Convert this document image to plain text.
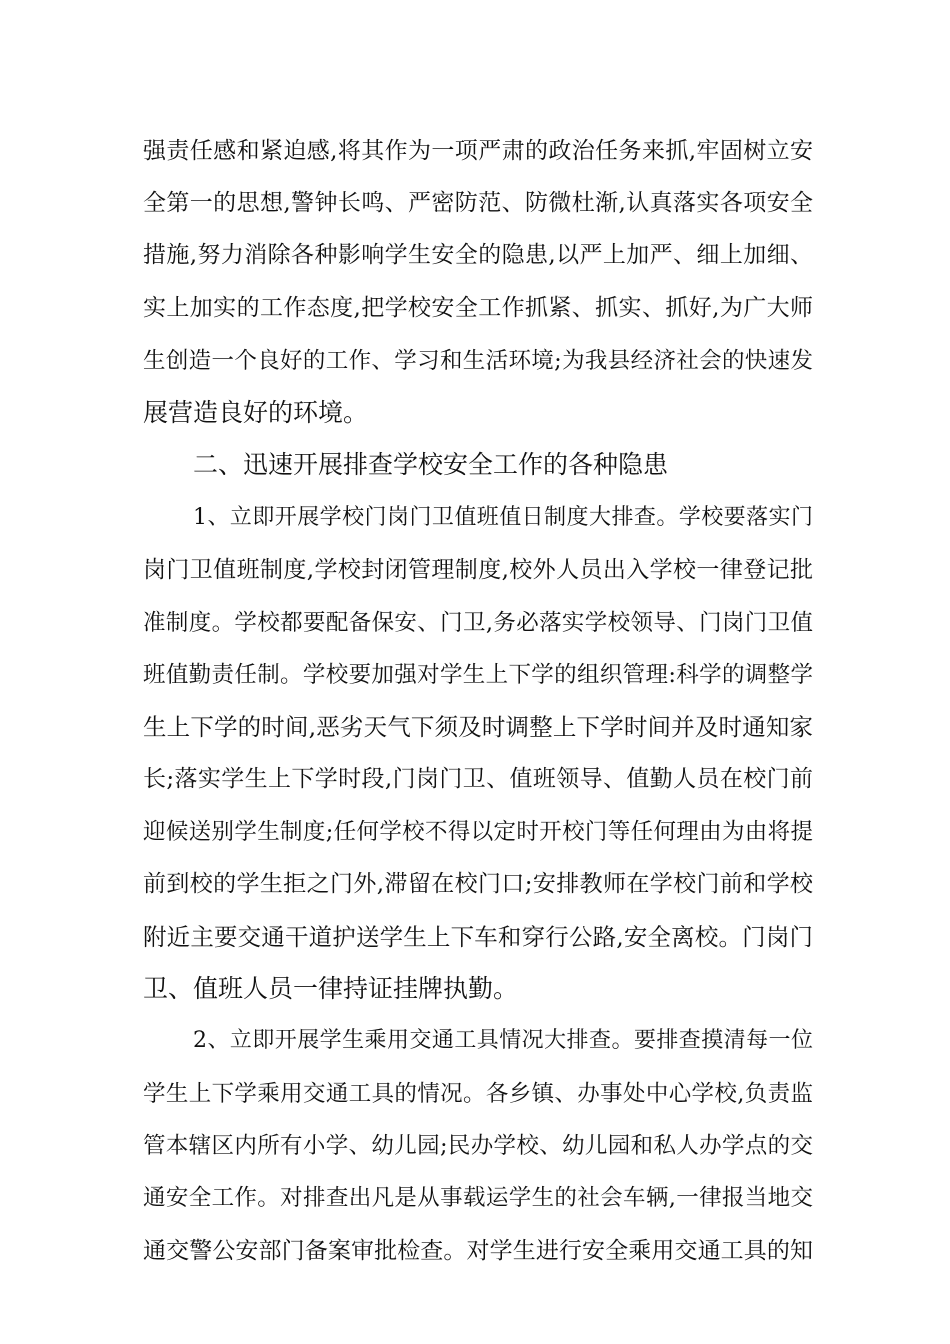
强责任感和紧迫感,将其作为一项严肃的政治任务来抓,牢固树立安
全第一的思想,警钟长鸣、严密防范、防微杜渐,认真落实各项安全
措施,努力消除各种影响学生安全的隐患,以严上加严、细上加细、
实上加实的工作态度,把学校安全工作抓紧、抓实、抓好,为广大师
生创造一个良好的工作、学习和生活环境;为我县经济社会的快速发
展营造良好的环境。
二、迅速开展排查学校安全工作的各种隐患
1、立即开展学校门岗门卫值班值日制度大排查。学校要落实门
岗门卫值班制度,学校封闭管理制度,校外人员出入学校一律登记批
准制度。学校都要配备保安、门卫,务必落实学校领导、门岗门卫值
班值勤责任制。学校要加强对学生上下学的组织管理:科学的调整学
生上下学的时间,恶劣天气下须及时调整上下学时间并及时通知家
长;落实学生上下学时段,门岗门卫、值班领导、值勤人员在校门前
迎候送别学生制度;任何学校不得以定时开校门等任何理由为由将提
前到校的学生拒之门外,滞留在校门口;安排教师在学校门前和学校
附近主要交通干道护送学生上下车和穿行公路,安全离校。门岗门
卫、值班人员一律持证挂牌执勤。
2、立即开展学生乘用交通工具情况大排查。要排查摸清每一位
学生上下学乘用交通工具的情况。各乡镇、办事处中心学校,负责监
管本辖区内所有小学、幼儿园;民办学校、幼儿园和私人办学点的交
通安全工作。对排查出凡是从事载运学生的社会车辆,一律报当地交
通交警公安部门备案审批检查。对学生进行安全乘用交通工具的知
